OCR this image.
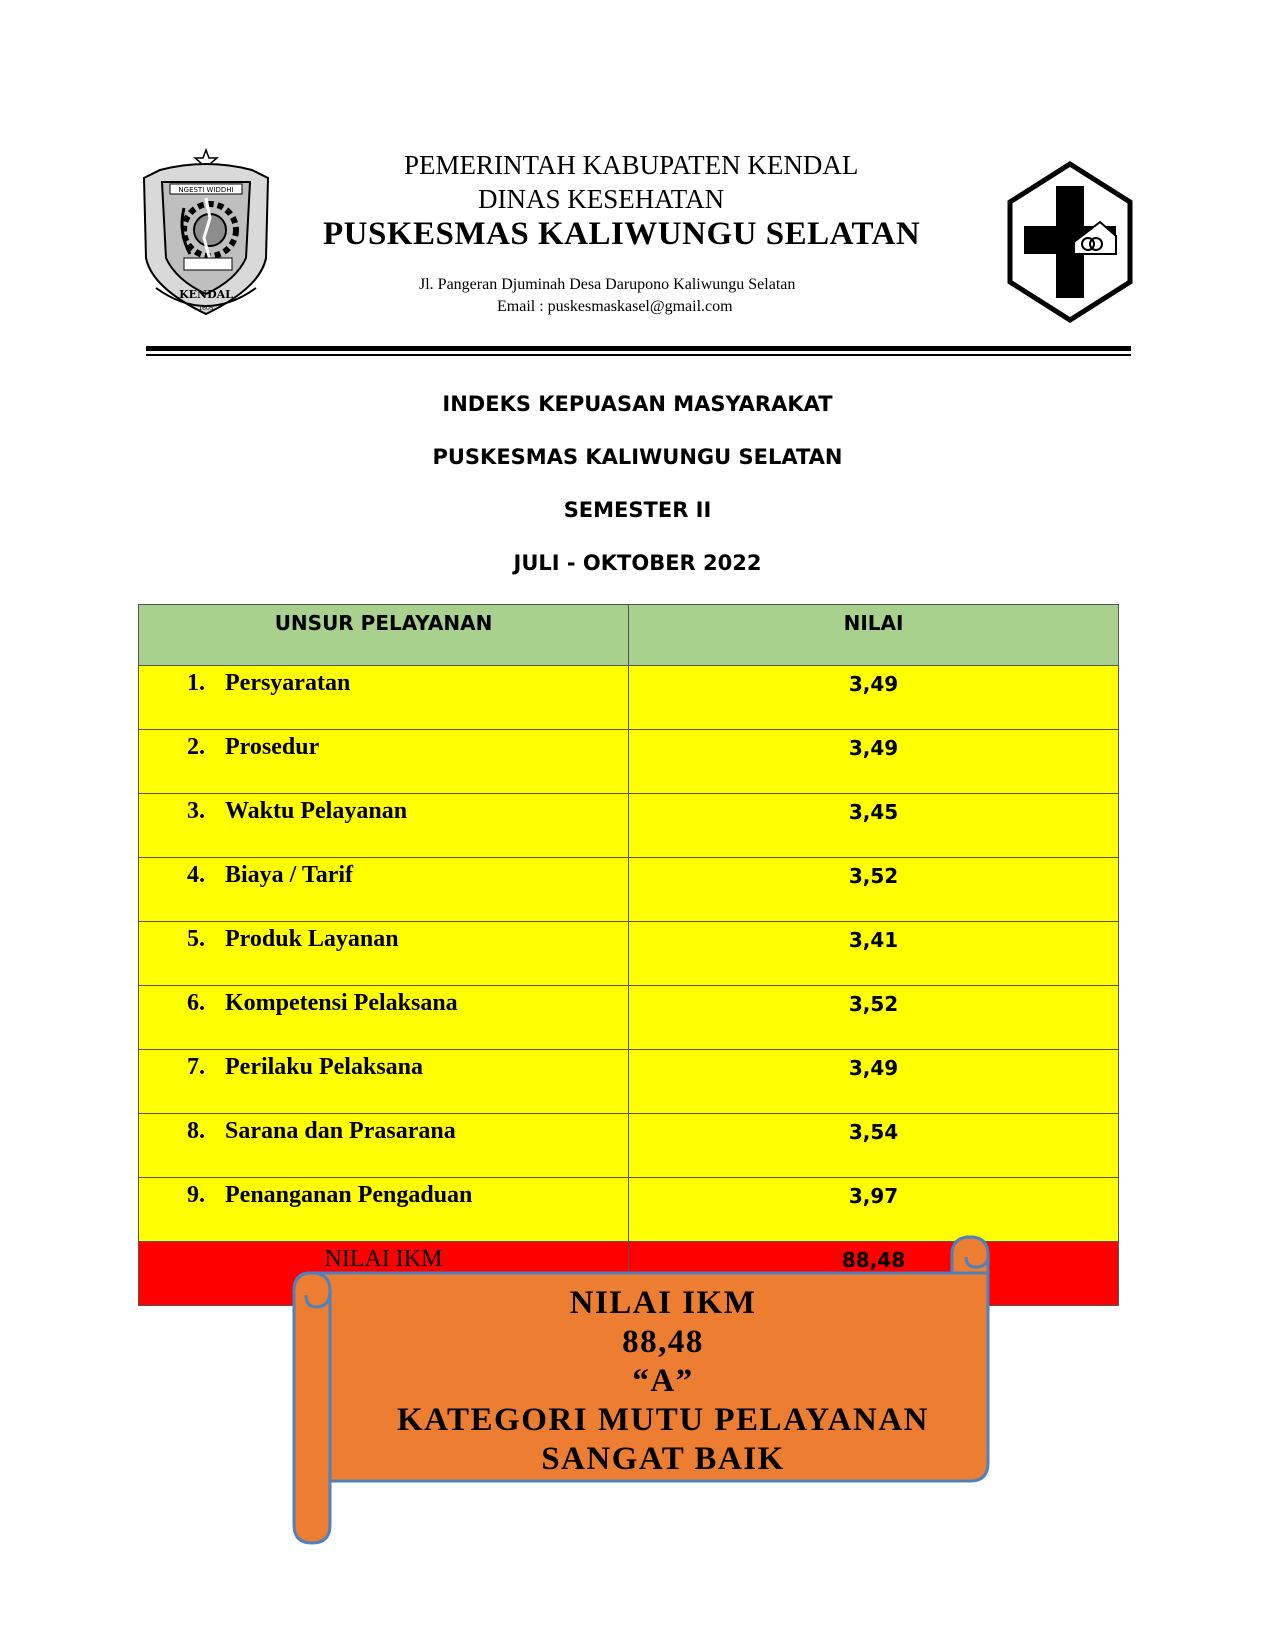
NGESTI WIDDHI
KENDAL
1605
PEMERINTAH KABUPATEN KENDAL
DINAS KESEHATAN
PUSKESMAS KALIWUNGU SELATAN
Jl. Pangeran Djuminah Desa Darupono Kaliwungu Selatan
Email : puskesmaskasel@gmail.com
INDEKS KEPUASAN MASYARAKAT
PUSKESMAS KALIWUNGU SELATAN
SEMESTER II
JULI - OKTOBER 2022
UNSUR PELAYANAN	NILAI
1. Persyaratan	3,49
2. Prosedur	3,49
3. Waktu Pelayanan	3,45
4. Biaya / Tarif	3,52
5. Produk Layanan	3,41
6. Kompetensi Pelaksana	3,52
7. Perilaku Pelaksana	3,49
8. Sarana dan Prasarana	3,54
9. Penanganan Pengaduan	3,97
NILAI IKM	88,48
NILAI IKM
88,48
“A”
KATEGORI MUTU PELAYANAN
SANGAT BAIK
